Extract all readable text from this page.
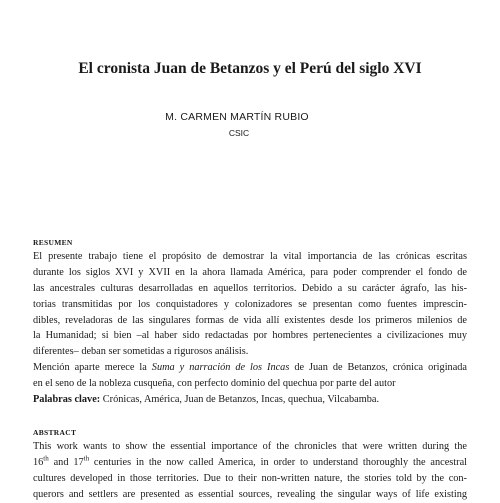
El cronista Juan de Betanzos y el Perú del siglo XVI
M. CARMEN MARTÍN RUBIO
CSIC
RESUMEN
El presente trabajo tiene el propósito de demostrar la vital importancia de las crónicas escritas
durante los siglos XVI y XVII en la ahora llamada América, para poder comprender el fondo de
las ancestrales culturas desarrolladas en aquellos territorios. Debido a su carácter ágrafo, las his-
torias transmitidas por los conquistadores y colonizadores se presentan como fuentes imprescin-
dibles, reveladoras de las singulares formas de vida allí existentes desde los primeros milenios de
la Humanidad; si bien –al haber sido redactadas por hombres pertenecientes a civilizaciones muy
diferentes– deban ser sometidas a rigurosos análisis.
Mención aparte merece la Suma y narración de los Incas de Juan de Betanzos, crónica originada
en el seno de la nobleza cusqueña, con perfecto dominio del quechua por parte del autor
Palabras clave: Crónicas, América, Juan de Betanzos, Incas, quechua, Vilcabamba.
ABSTRACT
This work wants to show the essential importance of the chronicles that were written during the
16th and 17th centuries in the now called America, in order to understand thoroughly the ancestral
cultures developed in those territories. Due to their non-written nature, the stories told by the con-
querors and settlers are presented as essential sources, revealing the singular ways of life existing
